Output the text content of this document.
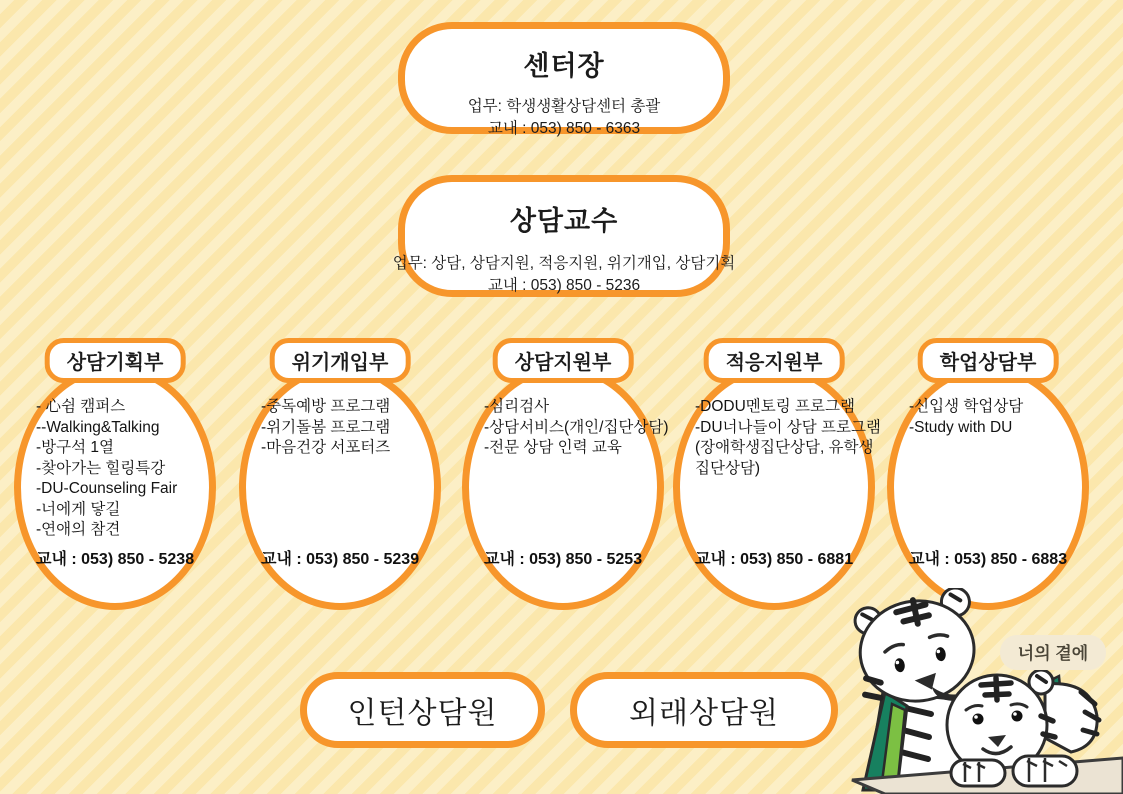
센터장
업무: 학생생활상담센터 총괄
교내 : 053) 850 - 6363
상담교수
업무: 상담, 상담지원, 적응지원, 위기개입, 상담기획
교내 : 053) 850 - 5236
상담기획부
- 心쉼 캠퍼스
--Walking&Talking
-방구석 1열
-찾아가는 힐링특강
-DU-Counseling Fair
-너에게 닿길
-연애의 참견
교내 : 053) 850 - 5238
위기개입부
-중독예방 프로그램
-위기돌봄 프로그램
-마음건강 서포터즈
교내 : 053) 850 - 5239
상담지원부
-심리검사
-상담서비스(개인/집단상담)
-전문 상담 인력 교육
교내 : 053) 850 - 5253
적응지원부
-DODU멘토링 프로그램
-DU너나들이 상담 프로그램
(장애학생집단상담, 유학생
집단상담)
교내 : 053) 850 - 6881
학업상담부
-신입생 학업상담
-Study with DU
교내 : 053) 850 - 6883
인턴상담원	외래상담원
너의 곁에
